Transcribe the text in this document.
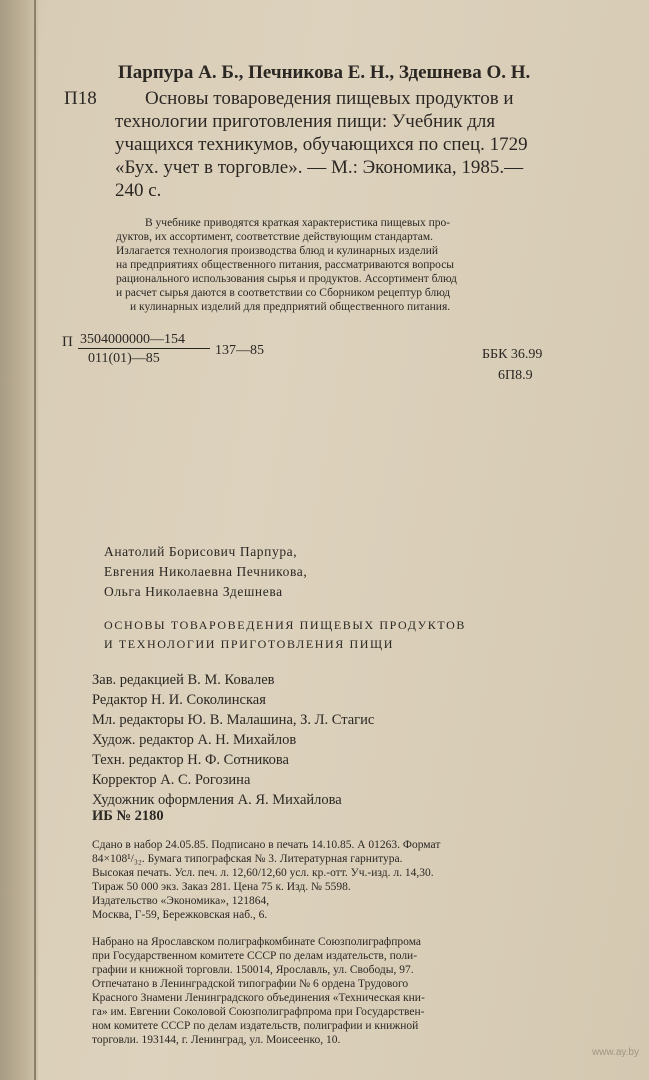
Парпура А. Б., Печникова Е. Н., Здешнева О. Н.
П18	Основы товароведения пищевых продуктов и
технологии приготовления пищи: Учебник для
учащихся техникумов, обучающихся по спец. 1729
«Бух. учет в торговле». — М.: Экономика, 1985.—
240 с.
В учебнике приводятся краткая характеристика пищевых про-
дуктов, их ассортимент, соответствие действующим стандартам.
Излагается технология производства блюд и кулинарных изделий
на предприятиях общественного питания, рассматриваются вопросы
рационального использования сырья и продуктов. Ассортимент блюд
и расчет сырья даются в соответствии со Сборником рецептур блюд
и кулинарных изделий для предприятий общественного питания.
П 3504000000—154
011(01)—85
137—85	ББК 36.99
6П8.9
Анатолий Борисович Парпура,
Евгения Николаевна Печникова,
Ольга Николаевна Здешнева
ОСНОВЫ ТОВАРОВЕДЕНИЯ ПИЩЕВЫХ ПРОДУКТОВ
И ТЕХНОЛОГИИ ПРИГОТОВЛЕНИЯ ПИЩИ
Зав. редакцией В. М. Ковалев
Редактор Н. И. Соколинская
Мл. редакторы Ю. В. Малашина, З. Л. Стагис
Худож. редактор А. Н. Михайлов
Техн. редактор Н. Ф. Сотникова
Корректор А. С. Рогозина
Художник оформления А. Я. Михайлова
ИБ № 2180
Сдано в набор 24.05.85. Подписано в печать 14.10.85. А 01263. Формат
84×108¹/₃₂. Бумага типографская № 3. Литературная гарнитура.
Высокая печать. Усл. печ. л. 12,60/12,60 усл. кр.-отт. Уч.-изд. л. 14,30.
Тираж 50 000 экз. Заказ 281. Цена 75 к. Изд. № 5598.
Издательство «Экономика», 121864,
Москва, Г-59, Бережковская наб., 6.
Набрано на Ярославском полиграфкомбинате Союзполиграфпрома
при Государственном комитете СССР по делам издательств, поли-
графии и книжной торговли. 150014, Ярославль, ул. Свободы, 97.
Отпечатано в Ленинградской типографии № 6 ордена Трудового
Красного Знамени Ленинградского объединения «Техническая кни-
га» им. Евгении Соколовой Союзполиграфпрома при Государствен-
ном комитете СССР по делам издательств, полиграфии и книжной
торговли. 193144, г. Ленинград, ул. Моисеенко, 10.
www.ay.by
